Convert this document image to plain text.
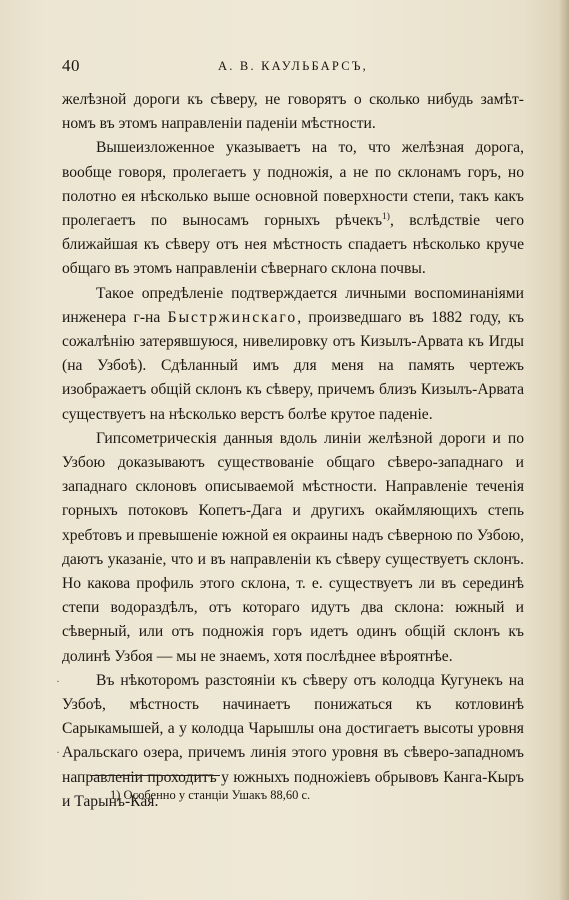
40	А. В. КАУЛЬБАРСЪ,

желѣзной дороги къ сѣверу, не говорятъ о сколько нибудь замѣт-номъ въ этомъ направленіи паденіи мѣстности.

Вышеизложенное указываетъ на то, что желѣзная дорога, вообще говоря, пролегаетъ у подножія, а не по склонамъ горъ, но полотно ея нѣсколько выше основной поверхности степи, такъ какъ пролегаетъ по выносамъ горныхъ рѣчекъ$^{1)}$, вслѣдствіе чего ближайшая къ сѣверу отъ нея мѣстность спадаетъ нѣсколько круче общаго въ этомъ направленіи сѣвернаго склона почвы.

Такое опредѣленіе подтверждается личными воспоминаніями инженера г-на Быстржинскаго, произведшаго въ 1882 году, къ сожалѣнію затерявшуюся, нивелировку отъ Кизылъ-Арвата къ Игды (на Узбоѣ). Сдѣланный имъ для меня на память чертежъ изображаетъ общій склонъ къ сѣверу, причемъ близъ Кизылъ-Арвата существуетъ на нѣсколько верстъ болѣе крутое паденіе.

Гипсометрическія данныя вдоль линіи желѣзной дороги и по Узбою доказываютъ существованіе общаго сѣверо-западнаго и западнаго склоновъ описываемой мѣстности. Направленіе теченія горныхъ потоковъ Копетъ-Дага и другихъ окаймляющихъ степь хребтовъ и превышеніе южной ея окраины надъ сѣверною по Узбою, даютъ указаніе, что и въ направленіи къ сѣверу существуетъ склонъ. Но какова профиль этого склона, т. е. существуетъ ли въ серединѣ степи водораздѣлъ, отъ котораго идутъ два склона: южный и сѣверный, или отъ подножія горъ идетъ одинъ общій склонъ къ долинѣ Узбоя — мы не знаемъ, хотя послѣднее вѣроятнѣе.

Въ нѣкоторомъ разстояніи къ сѣверу отъ колодца Кугунекъ на Узбоѣ, мѣстность начинаетъ понижаться къ котловинѣ Сарыкамышей, а у колодца Чарышлы она достигаетъ высоты уровня Аральскаго озера, причемъ линія этого уровня въ сѣверо-западномъ направленіи проходитъ у южныхъ подножіевъ обрывовъ Канга-Кыръ и Тарынъ-Кая.

1) Особенно у станціи Ушакъ 88,60 с.
·
·
